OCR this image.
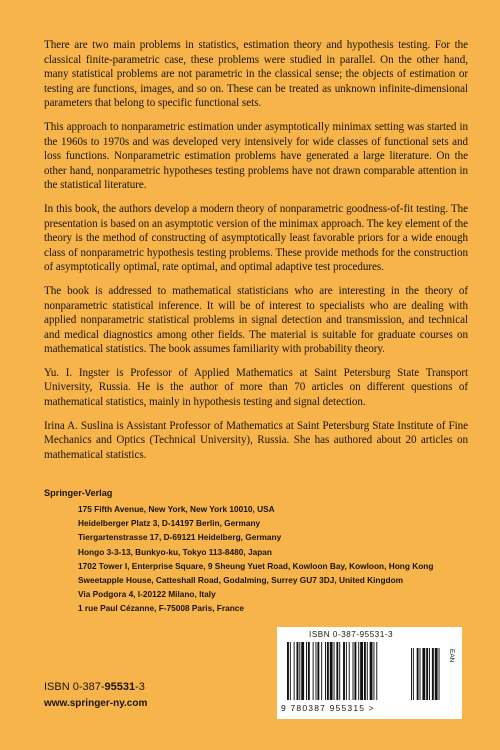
There are two main problems in statistics, estimation theory and hypothesis testing. For the classical finite-parametric case, these problems were studied in parallel. On the other hand, many statistical problems are not parametric in the classical sense; the objects of estimation or testing are functions, images, and so on. These can be treated as unknown infinite-dimensional parameters that belong to specific functional sets.

This approach to nonparametric estimation under asymptotically minimax setting was started in the 1960s to 1970s and was developed very intensively for wide classes of functional sets and loss functions. Nonparametric estimation problems have generated a large literature. On the other hand, nonparametric hypotheses testing problems have not drawn comparable attention in the statistical literature.

In this book, the authors develop a modern theory of nonparametric goodness-of-fit testing. The presentation is based on an asymptotic version of the minimax approach. The key element of the theory is the method of constructing of asymptotically least favorable priors for a wide enough class of nonparametric hypothesis testing problems. These provide methods for the construction of asymptotically optimal, rate optimal, and optimal adaptive test procedures.

The book is addressed to mathematical statisticians who are interesting in the theory of nonparametric statistical inference. It will be of interest to specialists who are dealing with applied nonparametric statistical problems in signal detection and transmission, and technical and medical diagnostics among other fields. The material is suitable for graduate courses on mathematical statistics. The book assumes familiarity with probability theory.

Yu. I. Ingster is Professor of Applied Mathematics at Saint Petersburg State Transport University, Russia. He is the author of more than 70 articles on different questions of mathematical statistics, mainly in hypothesis testing and signal detection.

Irina A. Suslina is Assistant Professor of Mathematics at Saint Petersburg State Institute of Fine Mechanics and Optics (Technical University), Russia. She has authored about 20 articles on mathematical statistics.

Springer-Verlag

175 Fifth Avenue, New York, New York 10010, USA
Heidelberger Platz 3, D-14197 Berlin, Germany
Tiergartenstrasse 17, D-69121 Heidelberg, Germany
Hongo 3-3-13, Bunkyo-ku, Tokyo 113-8480, Japan
1702 Tower I, Enterprise Square, 9 Sheung Yuet Road, Kowloon Bay, Kowloon, Hong Kong
Sweetapple House, Catteshall Road, Godalming, Surrey GU7 3DJ, United Kingdom
Via Podgora 4, I-20122 Milano, Italy
1 rue Paul Cézanne, F-75008 Paris, France
ISBN 0-387-95531-3
www.springer-ny.com
ISBN 0-387-95531-3
EAN
9 780387 955315 >
